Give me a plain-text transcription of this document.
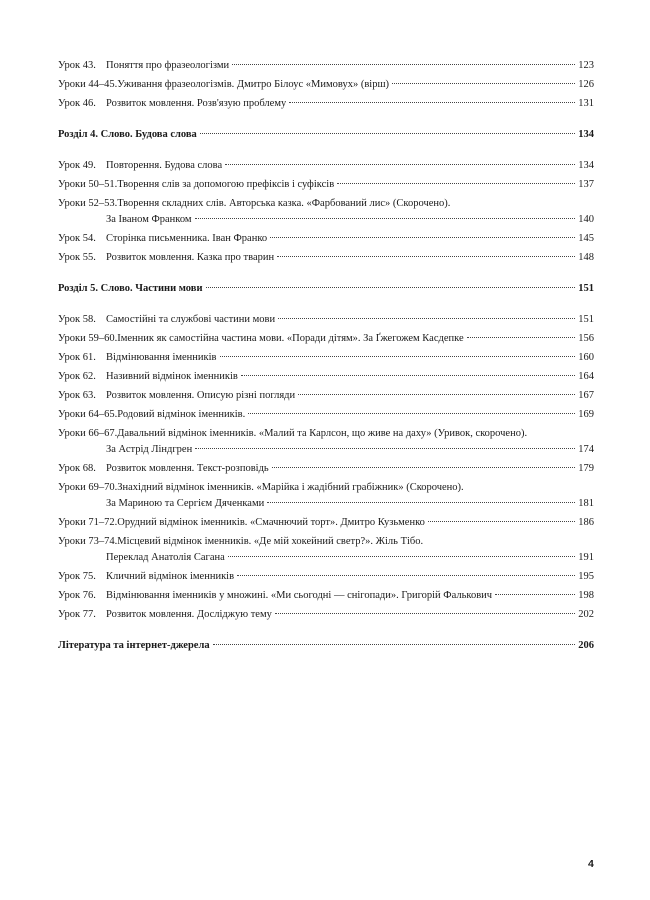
Урок 43. Поняття про фразеологізми	123
Уроки 44–45. Уживання фразеологізмів. Дмитро Білоус «Мимовух» (вірш)	126
Урок 46. Розвиток мовлення. Розв'язую проблему	131
Розділ 4. Слово. Будова слова	134
Урок 49. Повторення. Будова слова	134
Уроки 50–51. Творення слів за допомогою префіксів і суфіксів	137
Уроки 52–53. Творення складних слів. Авторська казка. «Фарбований лис» (Скорочено).
За Іваном Франком	140
Урок 54. Сторінка письменника. Іван Франко	145
Урок 55. Розвиток мовлення. Казка про тварин	148
Розділ 5. Слово. Частини мови	151
Урок 58. Самостійні та службові частини мови	151
Уроки 59–60. Іменник як самостійна частина мови. «Поради дітям». За Ґжегожем Касдепке	156
Урок 61. Відмінювання іменників	160
Урок 62. Називний відмінок іменників	164
Урок 63. Розвиток мовлення. Описую різні погляди	167
Уроки 64–65. Родовий відмінок іменників.	169
Уроки 66–67. Давальний відмінок іменників. «Малий та Карлсон, що живе на даху» (Уривок, скорочено).
За Астрід Ліндгрен	174
Урок 68. Розвиток мовлення. Текст-розповідь	179
Уроки 69–70. Знахідний відмінок іменників. «Марійка і жадібний грабіжник» (Скорочено).
За Мариною та Сергієм Дяченками	181
Уроки 71–72. Орудний відмінок іменників. «Смачнючий торт». Дмитро Кузьменко	186
Уроки 73–74. Місцевий відмінок іменників. «Де мій хокейний светр?». Жіль Тібо.
Переклад Анатолія Сагана	191
Урок 75. Кличний відмінок іменників	195
Урок 76. Відмінювання іменників у множині. «Ми сьогодні — снігопади». Григорій Фалькович	198
Урок 77. Розвиток мовлення. Досліджую тему	202
Література та інтернет-джерела	206
4
